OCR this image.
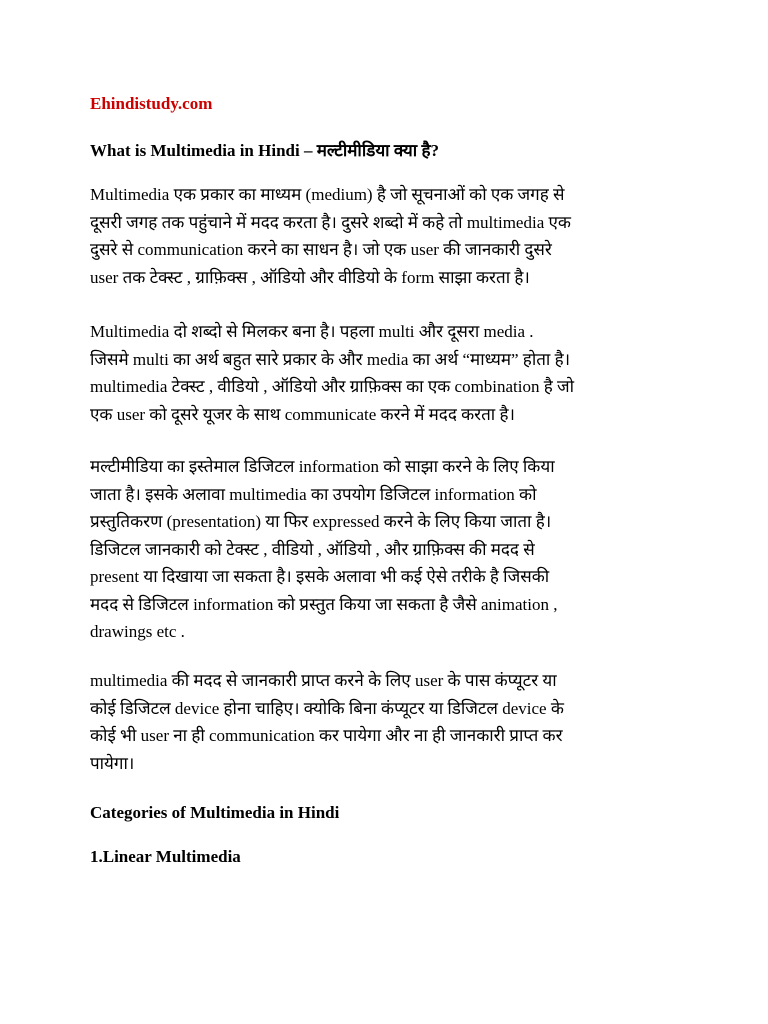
Ehindistudy.com
What is Multimedia in Hindi – मल्टीमीडिया क्या है?

Multimedia एक प्रकार का माध्यम (medium) है जो सूचनाओं को एक जगह से
दूसरी जगह तक पहुंचाने में मदद करता है। दुसरे शब्दो में कहे तो multimedia एक
दुसरे से communication करने का साधन है। जो एक user की जानकारी दुसरे
user तक टेक्स्ट , ग्राफ़िक्स , ऑडियो और वीडियो के form साझा करता है।

Multimedia दो शब्दो से मिलकर बना है। पहला multi और दूसरा media .
जिसमे multi का अर्थ बहुत सारे प्रकार के और media का अर्थ “माध्यम” होता है।
multimedia टेक्स्ट , वीडियो , ऑडियो और ग्राफ़िक्स का एक combination है जो
एक user को दूसरे यूजर के साथ communicate करने में मदद करता है।

मल्टीमीडिया का इस्तेमाल डिजिटल information को साझा करने के लिए किया
जाता है। इसके अलावा multimedia का उपयोग डिजिटल information को
प्रस्तुतिकरण (presentation) या फिर expressed करने के लिए किया जाता है।
डिजिटल जानकारी को टेक्स्ट , वीडियो , ऑडियो , और ग्राफ़िक्स की मदद से
present या दिखाया जा सकता है। इसके अलावा भी कई ऐसे तरीके है जिसकी
मदद से डिजिटल information को प्रस्तुत किया जा सकता है जैसे animation ,
drawings etc .

multimedia की मदद से जानकारी प्राप्त करने के लिए user के पास कंप्यूटर या
कोई डिजिटल device होना चाहिए। क्योकि बिना कंप्यूटर या डिजिटल device के
कोई भी user ना ही communication कर पायेगा और ना ही जानकारी प्राप्त कर
पायेगा।

Categories of Multimedia in Hindi
1.Linear Multimedia
